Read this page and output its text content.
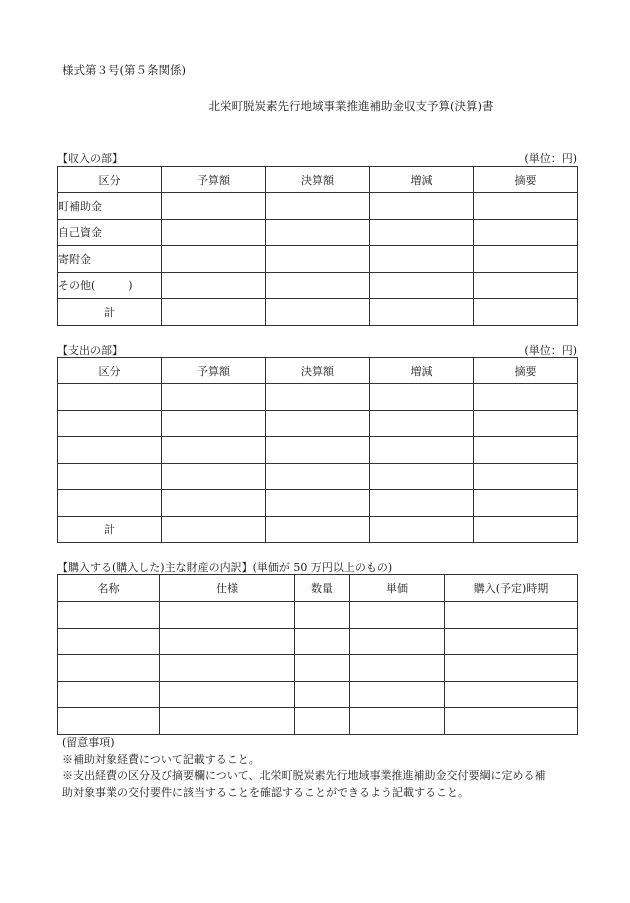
様式第３号(第５条関係)
北栄町脱炭素先行地域事業推進補助金収支予算(決算)書
【収入の部】	(単位：円)
区分	予算額	決算額	増減	摘要
町補助金				
自己資金				
寄附金				
その他(　　　)				
計				
【支出の部】	(単位：円)
区分	予算額	決算額	増減	摘要

計				
【購入する(購入した)主な財産の内訳】(単価が 50 万円以上のもの)
名称	仕様	数量	単価	購入(予定)時期

(留意事項)

※補助対象経費について記載すること。

※支出経費の区分及び摘要欄について、北栄町脱炭素先行地域事業推進補助金交付要綱に定める補

助対象事業の交付要件に該当することを確認することができるよう記載すること。
